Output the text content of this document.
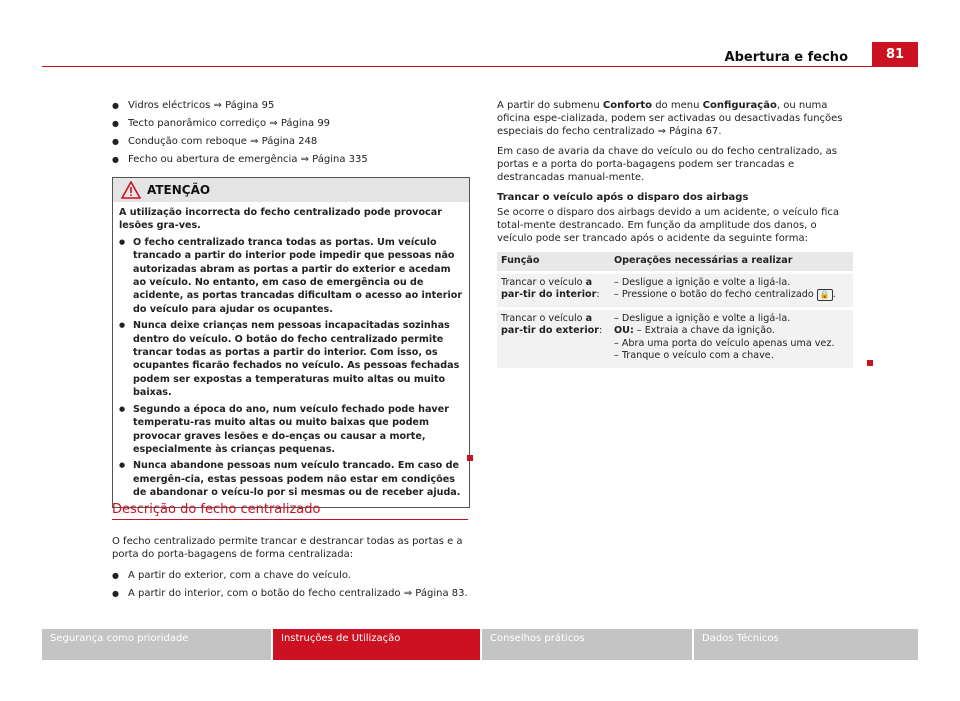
Abertura e fecho	81
● Vidros eléctricos ⇒ Página 95
● Tecto panorâmico corrediço ⇒ Página 99
● Condução com reboque ⇒ Página 248
● Fecho ou abertura de emergência ⇒ Página 335
ATENÇÃO

A utilização incorrecta do fecho centralizado pode provocar lesões gra-ves.

● O fecho centralizado tranca todas as portas. Um veículo trancado a partir do interior pode impedir que pessoas não autorizadas abram as portas a partir do exterior e acedam ao veículo. No entanto, em caso de emergência ou de acidente, as portas trancadas dificultam o acesso ao interior do veículo para ajudar os ocupantes.

● Nunca deixe crianças nem pessoas incapacitadas sozinhas dentro do veículo. O botão do fecho centralizado permite trancar todas as portas a partir do interior. Com isso, os ocupantes ficarão fechados no veículo. As pessoas fechadas podem ser expostas a temperaturas muito altas ou muito baixas.

● Segundo a época do ano, num veículo fechado pode haver temperatu-ras muito altas ou muito baixas que podem provocar graves lesões e do-enças ou causar a morte, especialmente às crianças pequenas.

● Nunca abandone pessoas num veículo trancado. Em caso de emergên-cia, estas pessoas podem não estar em condições de abandonar o veícu-lo por si mesmas ou de receber ajuda.

Descrição do fecho centralizado

O fecho centralizado permite trancar e destrancar todas as portas e a porta do porta-bagagens de forma centralizada:

● A partir do exterior, com a chave do veículo.
● A partir do interior, com o botão do fecho centralizado ⇒ Página 83.

A partir do submenu Conforto do menu Configuração, ou numa oficina espe-cializada, podem ser activadas ou desactivadas funções especiais do fecho centralizado ⇒ Página 67.

Em caso de avaria da chave do veículo ou do fecho centralizado, as portas e a porta do porta-bagagens podem ser trancadas e destrancadas manual-mente.

Trancar o veículo após o disparo dos airbags

Se ocorre o disparo dos airbags devido a um acidente, o veículo fica total-mente destrancado. Em função da amplitude dos danos, o veículo pode ser trancado após o acidente da seguinte forma:

Função	Operações necessárias a realizar
Trancar o veículo a par-tir do interior:	– Desligue a ignição e volte a ligá-la.
– Pressione o botão do fecho centralizado 🔒 .

Trancar o veículo a par-tir do exterior:	– Desligue a ignição e volte a ligá-la.
OU: – Extraia a chave da ignição.
– Abra uma porta do veículo apenas uma vez.
– Tranque o veículo com a chave.
Segurança como prioridade	Instruções de Utilização	Conselhos práticos	Dados Técnicos
